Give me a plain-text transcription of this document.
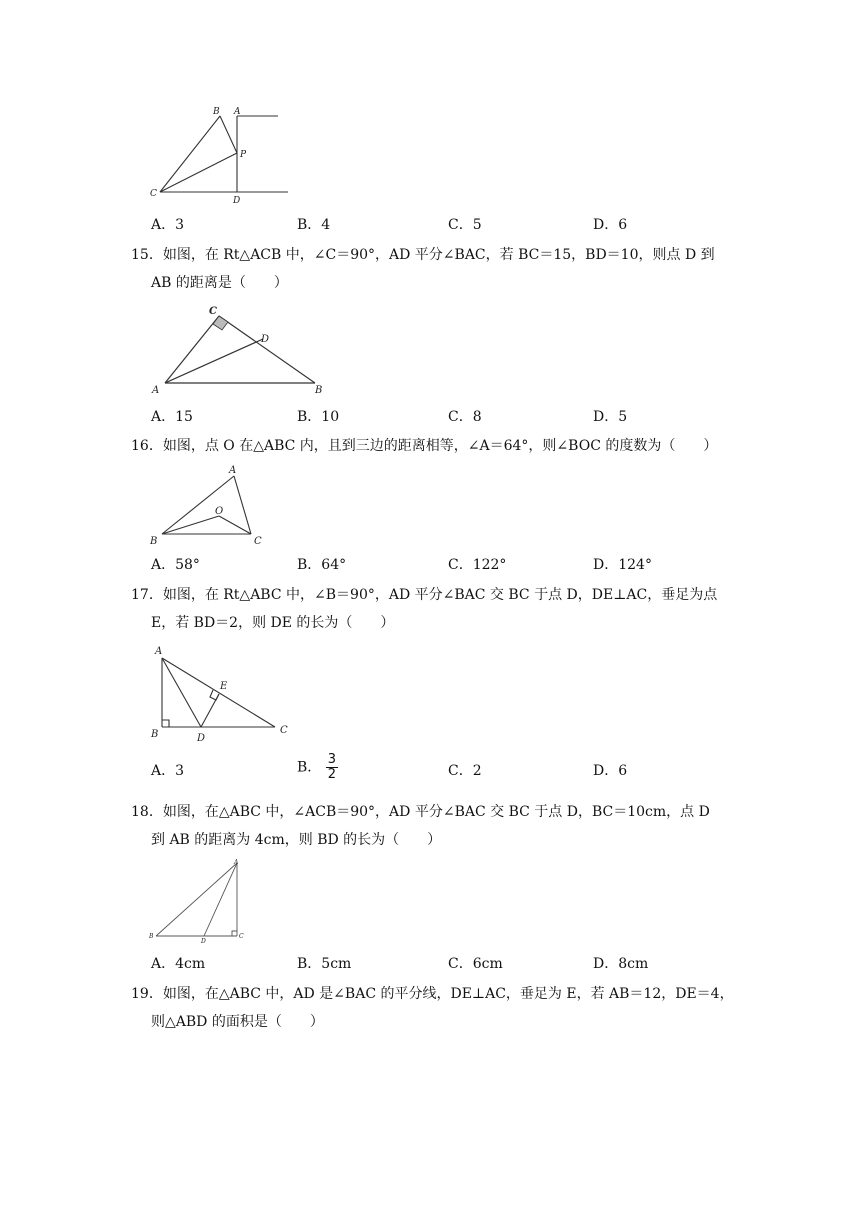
B A
P
C
D
A．3	B．4	C．5	D．6
15．如图，在 Rt△ACB 中，∠C＝90°，AD 平分∠BAC，若 BC＝15，BD＝10，则点 D 到
AB 的距离是（　　）
C
D
A	B
A．15	B．10	C．8	D．5
16．如图，点 O 在△ABC 内，且到三边的距离相等，∠A＝64°，则∠BOC 的度数为（　　）
A
O
B	C
A．58°	B．64°	C．122°	D．124°
17．如图，在 Rt△ABC 中，∠B＝90°，AD 平分∠BAC 交 BC 于点 D，DE⊥AC，垂足为点
E，若 BD＝2，则 DE 的长为（　　）
A
E
B	D
C
A．3	B． $\frac{3}{2}$	C．2	D．6
18．如图，在△ABC 中，∠ACB＝90°，AD 平分∠BAC 交 BC 于点 D，BC＝10cm，点 D
到 AB 的距离为 4cm，则 BD 的长为（　　）
A
B
D
C
A．4cm	B．5cm	C．6cm	D．8cm
19．如图，在△ABC 中，AD 是∠BAC 的平分线，DE⊥AC，垂足为 E，若 AB＝12，DE＝4，
则△ABD 的面积是（　　）
